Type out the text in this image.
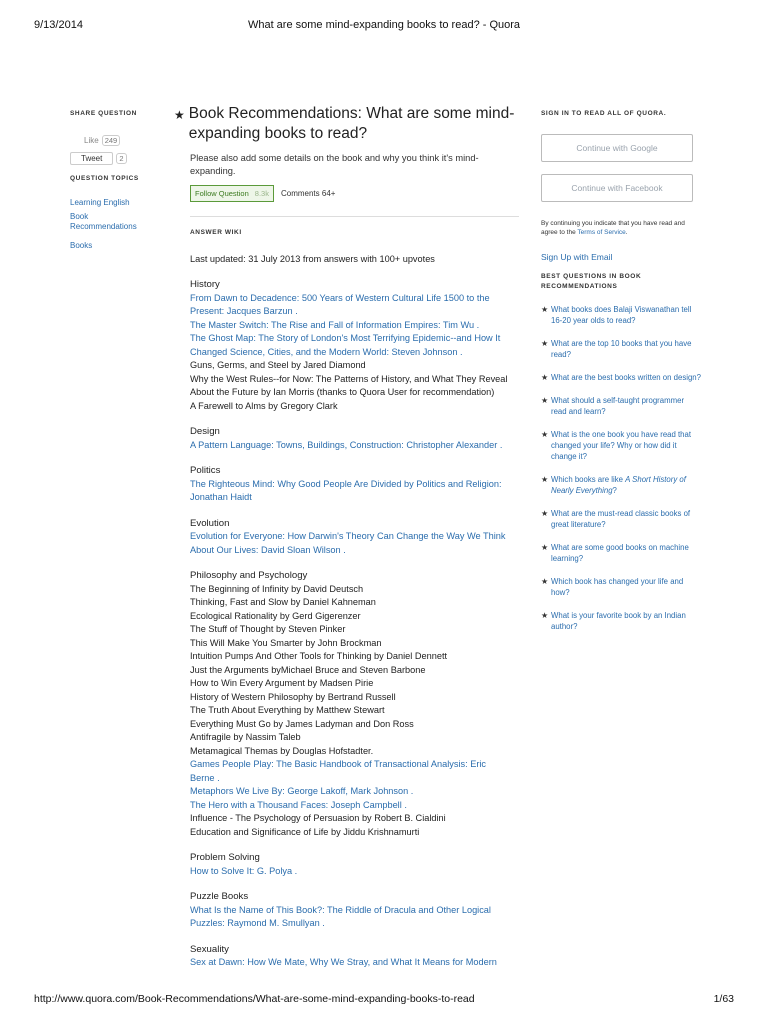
9/13/2014	What are some mind-expanding books to read? - Quora
SHARE QUESTION
Like 249
Tweet	2
QUESTION TOPICS
Learning English
Book Recommendations
Books
★ Book Recommendations: What are some mind-expanding books to read?
Please also add some details on the book and why you think it's mind-expanding.
Follow Question 8.3k Comments 64+
ANSWER WIKI
Last updated: 31 July 2013 from answers with 100+ upvotes
History
From Dawn to Decadence: 500 Years of Western Cultural Life 1500 to the
Present: Jacques Barzun .
The Master Switch: The Rise and Fall of Information Empires: Tim Wu .
The Ghost Map: The Story of London's Most Terrifying Epidemic--and How It
Changed Science, Cities, and the Modern World: Steven Johnson .
Guns, Germs, and Steel by Jared Diamond
Why the West Rules--for Now: The Patterns of History, and What They Reveal
About the Future by Ian Morris (thanks to Quora User for recommendation)
A Farewell to Alms by Gregory Clark
Design
A Pattern Language: Towns, Buildings, Construction: Christopher Alexander .
Politics
The Righteous Mind: Why Good People Are Divided by Politics and Religion:
Jonathan Haidt
Evolution
Evolution for Everyone: How Darwin's Theory Can Change the Way We Think
About Our Lives: David Sloan Wilson .
Philosophy and Psychology
The Beginning of Infinity by David Deutsch
Thinking, Fast and Slow by Daniel Kahneman
Ecological Rationality by Gerd Gigerenzer
The Stuff of Thought by Steven Pinker
This Will Make You Smarter by John Brockman
Intuition Pumps And Other Tools for Thinking by Daniel Dennett
Just the Arguments byMichael Bruce and Steven Barbone
How to Win Every Argument by Madsen Pirie
History of Western Philosophy by Bertrand Russell
The Truth About Everything by Matthew Stewart
Everything Must Go by James Ladyman and Don Ross
Antifragile by Nassim Taleb
Metamagical Themas by Douglas Hofstadter.
Games People Play: The Basic Handbook of Transactional Analysis: Eric
Berne .
Metaphors We Live By: George Lakoff, Mark Johnson .
The Hero with a Thousand Faces: Joseph Campbell .
Influence - The Psychology of Persuasion by Robert B. Cialdini
Education and Significance of Life by Jiddu Krishnamurti
Problem Solving
How to Solve It: G. Polya .
Puzzle Books
What Is the Name of This Book?: The Riddle of Dracula and Other Logical
Puzzles: Raymond M. Smullyan .
Sexuality
Sex at Dawn: How We Mate, Why We Stray, and What It Means for Modern
SIGN IN TO READ ALL OF QUORA.
Continue with Google
Continue with Facebook
By continuing you indicate that you have read and agree to the Terms of Service.
Sign Up with Email
BEST QUESTIONS IN BOOK RECOMMENDATIONS
★ What books does Balaji Viswanathan tell 16-20 year olds to read?
★ What are the top 10 books that you have read?
★ What are the best books written on design?
★ What should a self-taught programmer read and learn?
★ What is the one book you have read that changed your life? Why or how did it change it?
★ Which books are like A Short History of Nearly Everything?
★ What are the must-read classic books of great literature?
★ What are some good books on machine learning?
★ Which book has changed your life and how?
★ What is your favorite book by an Indian author?
http://www.quora.com/Book-Recommendations/What-are-some-mind-expanding-books-to-read	1/63
